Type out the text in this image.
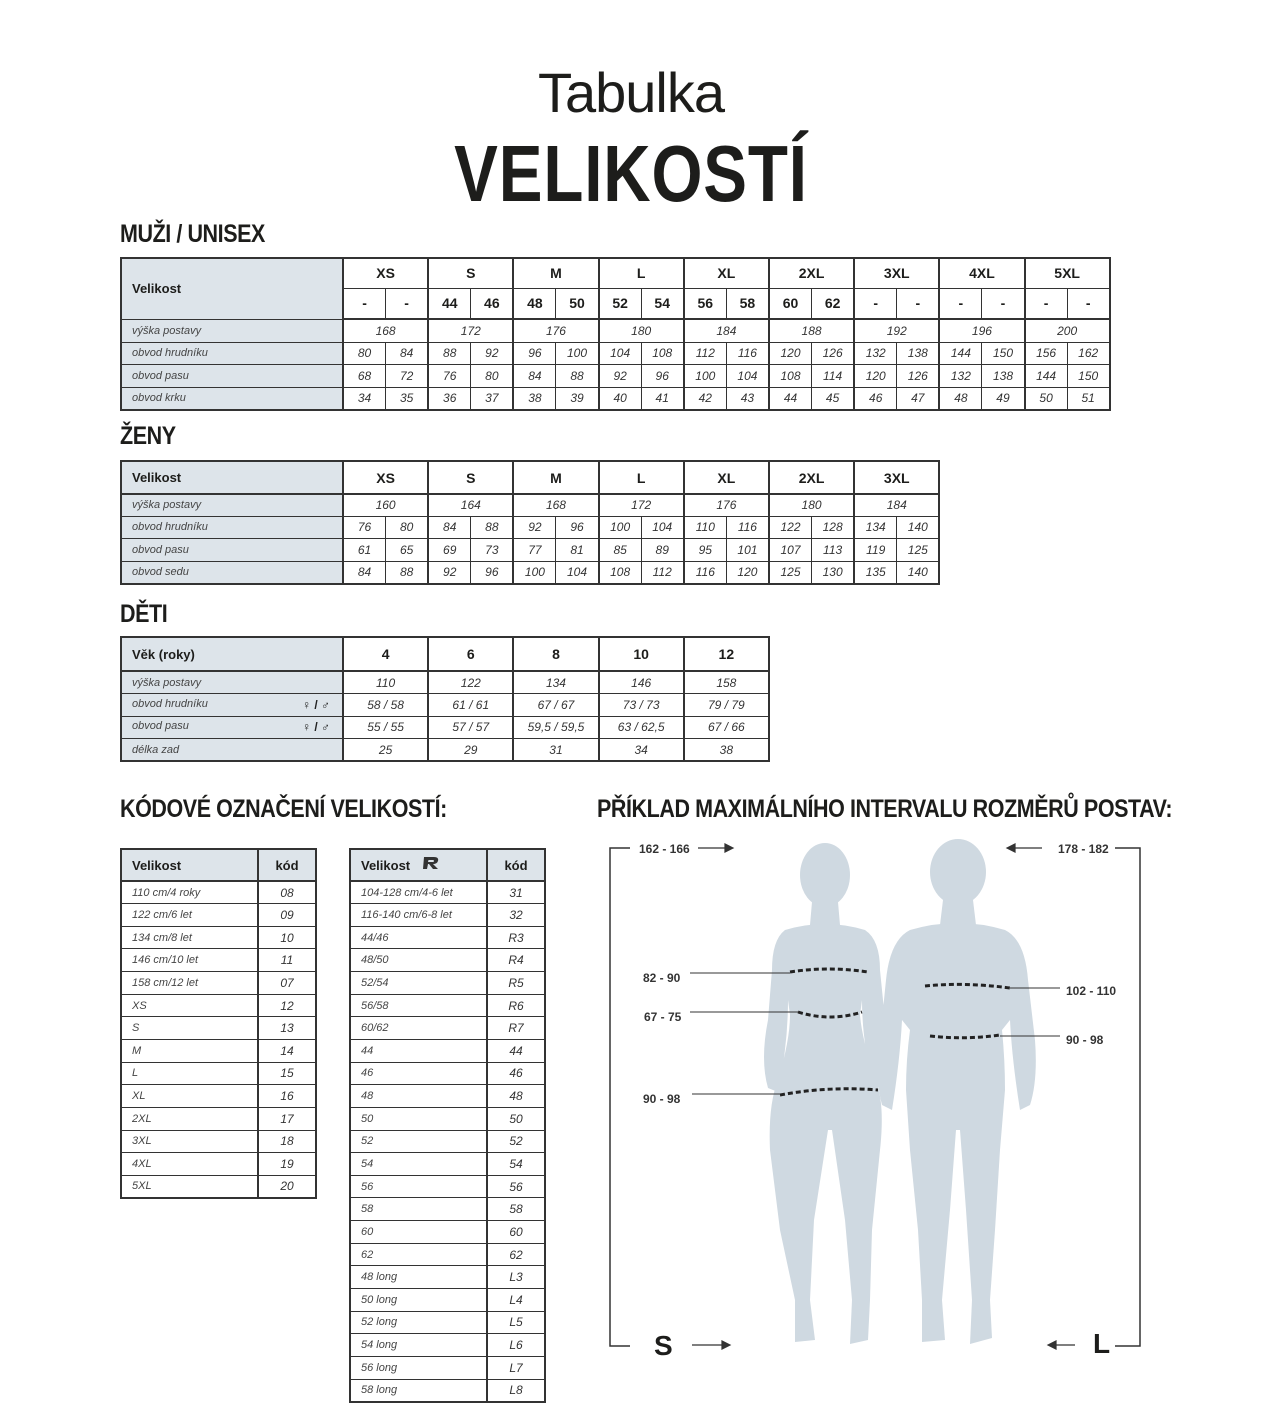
Tabulka
VELIKOSTÍ
MUŽI / UNISEX
Velikost	XS		S		M		L		XL		2XL		3XL		4XL		5XL	
	-	-	44	46	48	50	52	54	56	58	60	62	-	-	-	-	-	-
výška postavy	168		172		176		180		184		188		192		196		200	
obvod hrudníku	80	84	88	92	96	100	104	108	112	116	120	126	132	138	144	150	156	162
obvod pasu	68	72	76	80	84	88	92	96	100	104	108	114	120	126	132	138	144	150
obvod krku	34	35	36	37	38	39	40	41	42	43	44	45	46	47	48	49	50	51
ŽENY
Velikost	XS		S		M		L		XL		2XL		3XL	
výška postavy	160		164		168		172		176		180		184	
obvod hrudníku	76	80	84	88	92	96	100	104	110	116	122	128	134	140
obvod pasu	61	65	69	73	77	81	85	89	95	101	107	113	119	125
obvod sedu	84	88	92	96	100	104	108	112	116	120	125	130	135	140
DĚTI
Věk (roky)	4	6	8	10	12
výška postavy	110	122	134	146	158
obvod hrudníku ♀ / ♂	58 / 58	61 / 61	67 / 67	73 / 73	79 / 79
obvod pasu ♀ / ♂	55 / 55	57 / 57	59,5 / 59,5	63 / 62,5	67 / 66
délka zad	25	29	31	34	38
KÓDOVÉ OZNAČENÍ VELIKOSTÍ:
Velikost	kód
110 cm/4 roky	08
122 cm/6 let	09
134 cm/8 let	10
146 cm/10 let	11
158 cm/12 let	07
XS	12
S	13
M	14
L	15
XL	16
2XL	17
3XL	18
4XL	19
5XL	20
Velikost	kód
104-128 cm/4-6 let	31
116-140 cm/6-8 let	32
44/46	R3
48/50	R4
52/54	R5
56/58	R6
60/62	R7
44	44
46	46
48	48
50	50
52	52
54	54
56	56
58	58
60	60
62	62
48 long	L3
50 long	L4
52 long	L5
54 long	L6
56 long	L7
58 long	L8
PŘÍKLAD MAXIMÁLNÍHO INTERVALU ROZMĚRŮ POSTAV:
162 - 166	178 - 182
82 - 90
67 - 75
90 - 98
102 - 110
90 - 98
S	L
